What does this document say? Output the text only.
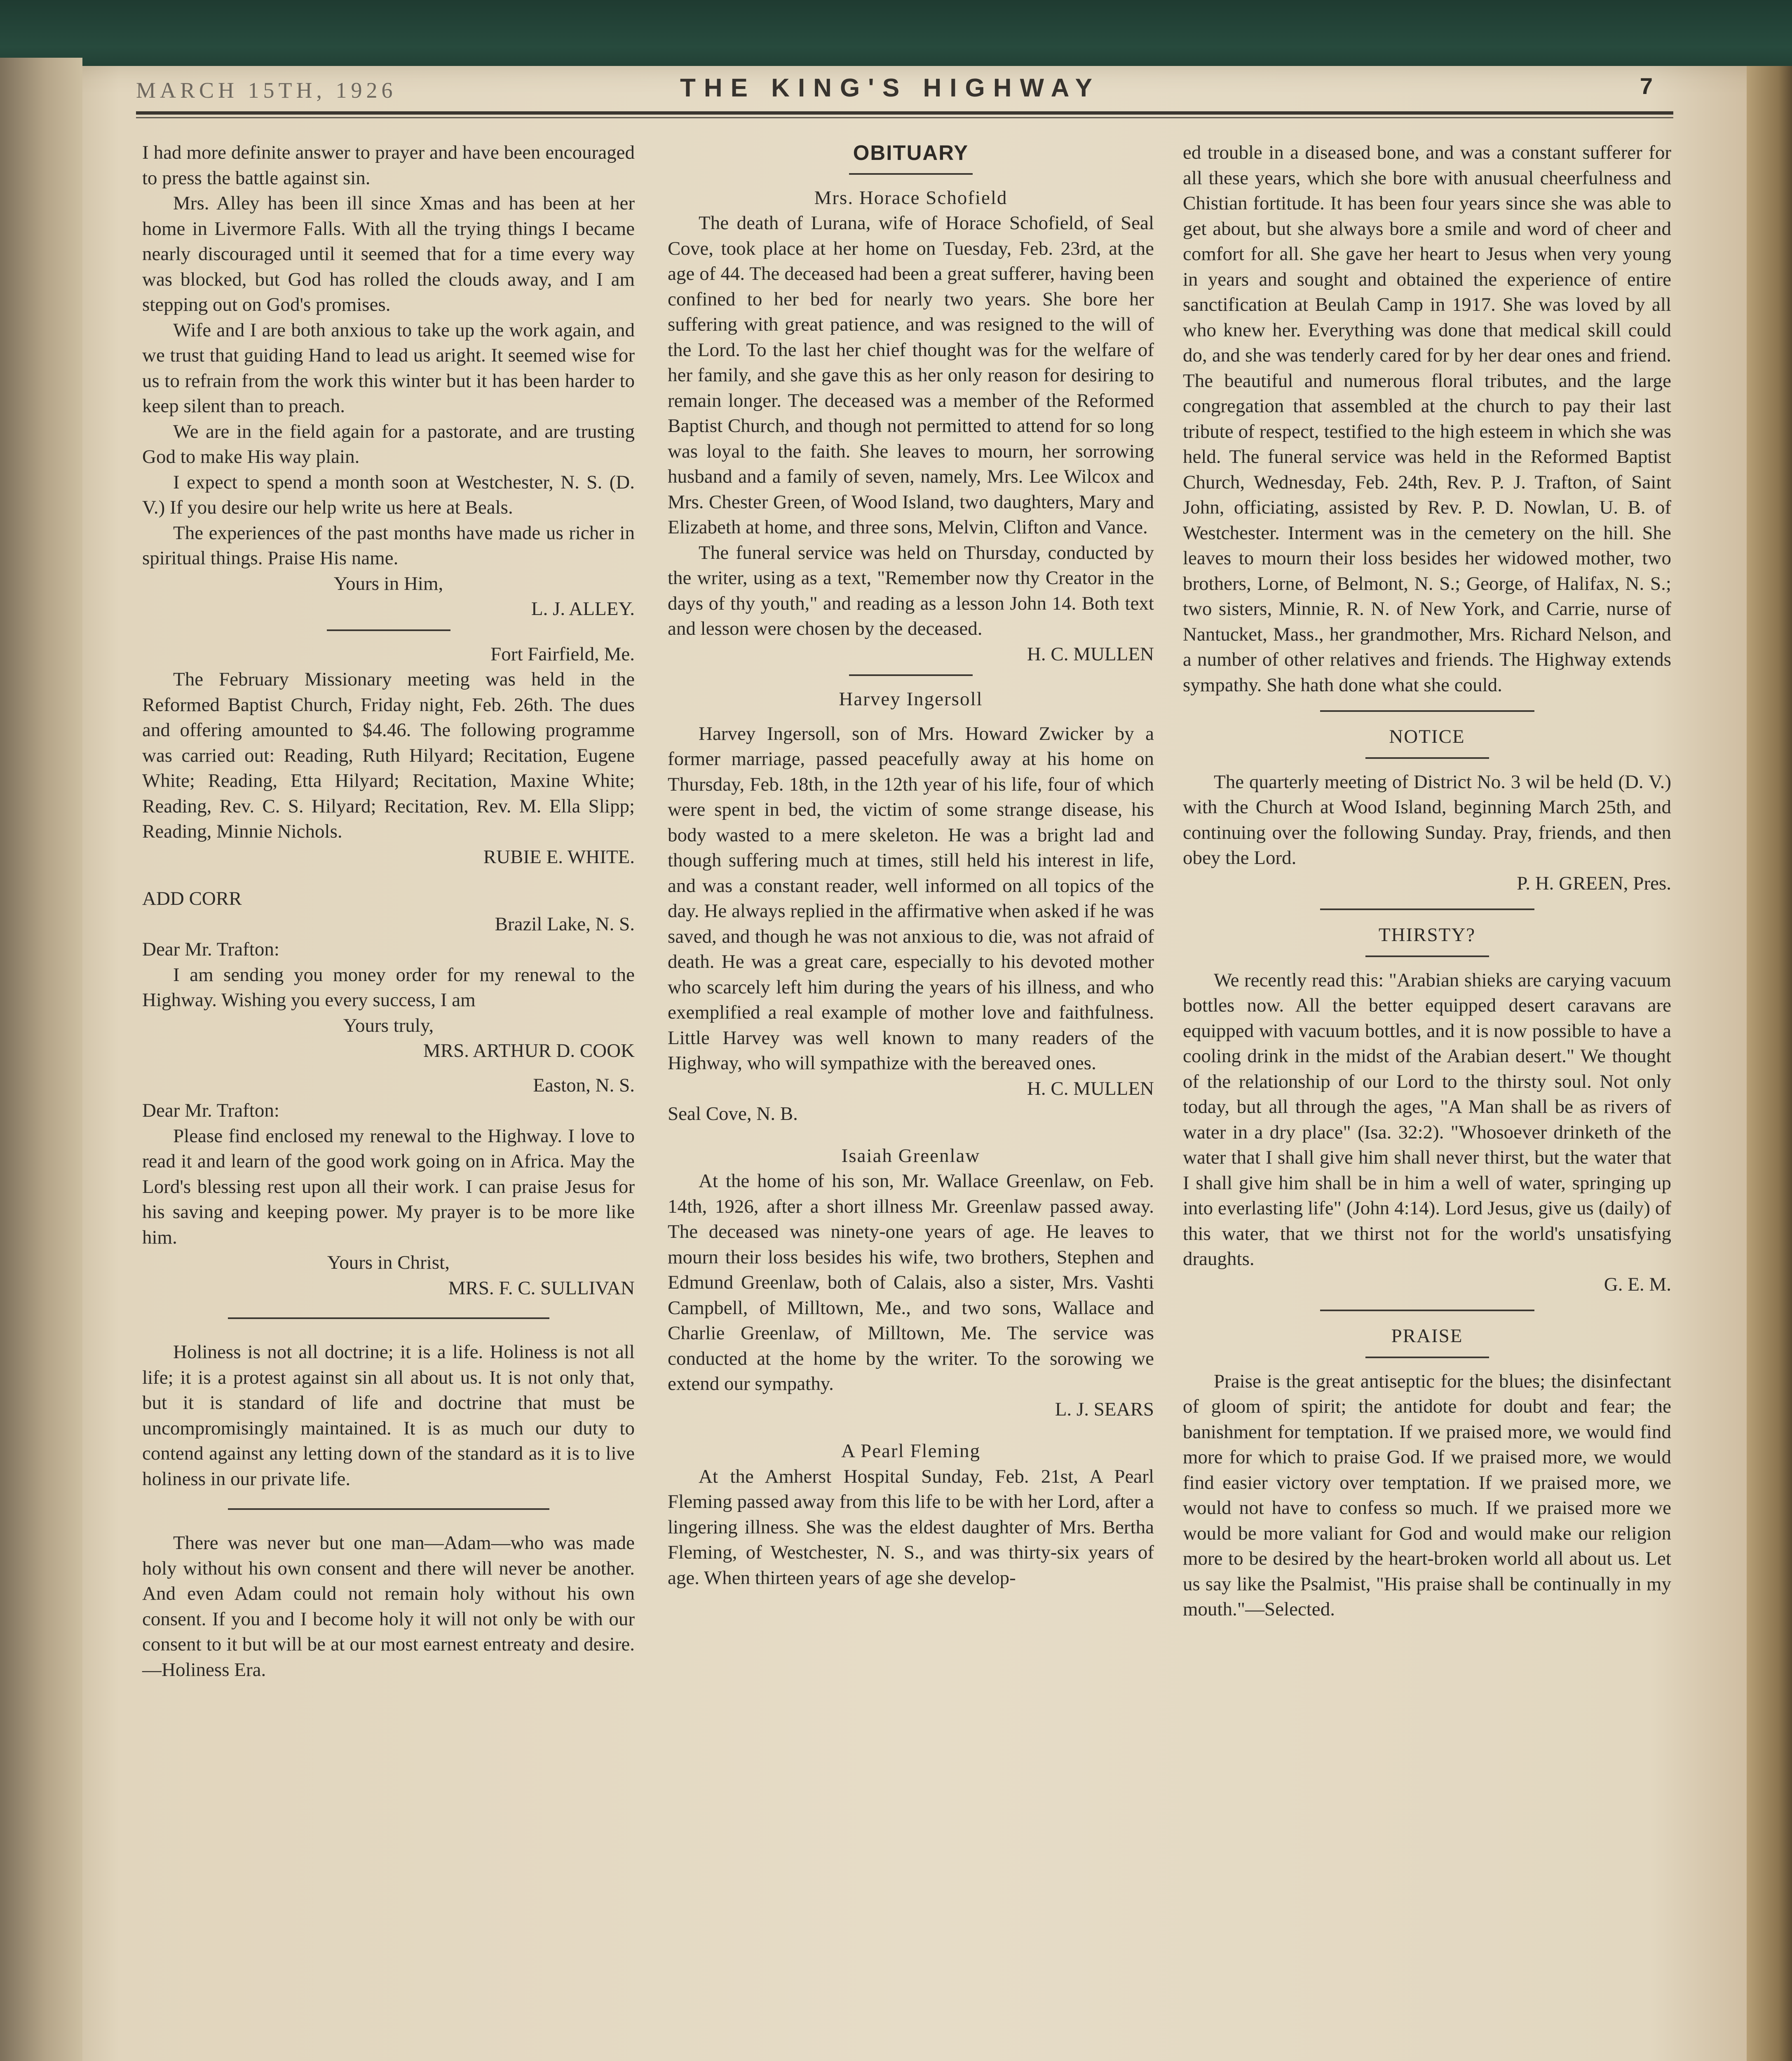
MARCH 15TH, 1926	THE KING'S HIGHWAY	7

I had more definite answer to prayer and have been encouraged to press the battle against sin.

Mrs. Alley has been ill since Xmas and has been at her home in Livermore Falls. With all the trying things I became nearly discouraged until it seemed that for a time every way was blocked, but God has rolled the clouds away, and I am stepping out on God's promises.

Wife and I are both anxious to take up the work again, and we trust that guiding Hand to lead us aright. It seemed wise for us to refrain from the work this winter but it has been harder to keep silent than to preach.

We are in the field again for a pastorate, and are trusting God to make His way plain.

I expect to spend a month soon at Westchester, N. S. (D. V.) If you desire our help write us here at Beals.

The experiences of the past months have made us richer in spiritual things. Praise His name.

Yours in Him,

L. J. ALLEY.

Fort Fairfield, Me.

The February Missionary meeting was held in the Reformed Baptist Church, Friday night, Feb. 26th. The dues and offering amounted to $4.46. The following programme was carried out: Reading, Ruth Hilyard; Recitation, Eugene White; Reading, Etta Hilyard; Recitation, Maxine White; Reading, Rev. C. S. Hilyard; Recitation, Rev. M. Ella Slipp; Reading, Minnie Nichols.

RUBIE E. WHITE.

ADD CORR

Brazil Lake, N. S.

Dear Mr. Trafton:

I am sending you money order for my renewal to the Highway. Wishing you every success, I am

Yours truly,

MRS. ARTHUR D. COOK

Easton, N. S.

Dear Mr. Trafton:

Please find enclosed my renewal to the Highway. I love to read it and learn of the good work going on in Africa. May the Lord's blessing rest upon all their work. I can praise Jesus for his saving and keeping power. My prayer is to be more like him.

Yours in Christ,

MRS. F. C. SULLIVAN

Holiness is not all doctrine; it is a life. Holiness is not all life; it is a protest against sin all about us. It is not only that, but it is standard of life and doctrine that must be uncompromisingly maintained. It is as much our duty to contend against any letting down of the standard as it is to live holiness in our private life.

There was never but one man—Adam—who was made holy without his own consent and there will never be another. And even Adam could not remain holy without his own consent. If you and I become holy it will not only be with our consent to it but will be at our most earnest entreaty and desire.—Holiness Era.

OBITUARY

Mrs. Horace Schofield

The death of Lurana, wife of Horace Schofield, of Seal Cove, took place at her home on Tuesday, Feb. 23rd, at the age of 44. The deceased had been a great sufferer, having been confined to her bed for nearly two years. She bore her suffering with great patience, and was resigned to the will of the Lord. To the last her chief thought was for the welfare of her family, and she gave this as her only reason for desiring to remain longer. The deceased was a member of the Reformed Baptist Church, and though not permitted to attend for so long was loyal to the faith. She leaves to mourn, her sorrowing husband and a family of seven, namely, Mrs. Lee Wilcox and Mrs. Chester Green, of Wood Island, two daughters, Mary and Elizabeth at home, and three sons, Melvin, Clifton and Vance.

The funeral service was held on Thursday, conducted by the writer, using as a text, "Remember now thy Creator in the days of thy youth," and reading as a lesson John 14. Both text and lesson were chosen by the deceased.

H. C. MULLEN

Harvey Ingersoll

Harvey Ingersoll, son of Mrs. Howard Zwicker by a former marriage, passed peacefully away at his home on Thursday, Feb. 18th, in the 12th year of his life, four of which were spent in bed, the victim of some strange disease, his body wasted to a mere skeleton. He was a bright lad and though suffering much at times, still held his interest in life, and was a constant reader, well informed on all topics of the day. He always replied in the affirmative when asked if he was saved, and though he was not anxious to die, was not afraid of death. He was a great care, especially to his devoted mother who scarcely left him during the years of his illness, and who exemplified a real example of mother love and faithfulness. Little Harvey was well known to many readers of the Highway, who will sympathize with the bereaved ones.

H. C. MULLEN

Seal Cove, N. B.

Isaiah Greenlaw

At the home of his son, Mr. Wallace Greenlaw, on Feb. 14th, 1926, after a short illness Mr. Greenlaw passed away. The deceased was ninety-one years of age. He leaves to mourn their loss besides his wife, two brothers, Stephen and Edmund Greenlaw, both of Calais, also a sister, Mrs. Vashti Campbell, of Milltown, Me., and two sons, Wallace and Charlie Greenlaw, of Milltown, Me. The service was conducted at the home by the writer. To the sorowing we extend our sympathy.

L. J. SEARS

A Pearl Fleming

At the Amherst Hospital Sunday, Feb. 21st, A Pearl Fleming passed away from this life to be with her Lord, after a lingering illness. She was the eldest daughter of Mrs. Bertha Fleming, of Westchester, N. S., and was thirty-six years of age. When thirteen years of age she develop-

ed trouble in a diseased bone, and was a constant sufferer for all these years, which she bore with anusual cheerfulness and Chistian fortitude. It has been four years since she was able to get about, but she always bore a smile and word of cheer and comfort for all. She gave her heart to Jesus when very young in years and sought and obtained the experience of entire sanctification at Beulah Camp in 1917. She was loved by all who knew her. Everything was done that medical skill could do, and she was tenderly cared for by her dear ones and friend. The beautiful and numerous floral tributes, and the large congregation that assembled at the church to pay their last tribute of respect, testified to the high esteem in which she was held. The funeral service was held in the Reformed Baptist Church, Wednesday, Feb. 24th, Rev. P. J. Trafton, of Saint John, officiating, assisted by Rev. P. D. Nowlan, U. B. of Westchester. Interment was in the cemetery on the hill. She leaves to mourn their loss besides her widowed mother, two brothers, Lorne, of Belmont, N. S.; George, of Halifax, N. S.; two sisters, Minnie, R. N. of New York, and Carrie, nurse of Nantucket, Mass., her grandmother, Mrs. Richard Nelson, and a number of other relatives and friends. The Highway extends sympathy. She hath done what she could.

NOTICE

The quarterly meeting of District No. 3 wil be held (D. V.) with the Church at Wood Island, beginning March 25th, and continuing over the following Sunday. Pray, friends, and then obey the Lord.

P. H. GREEN, Pres.

THIRSTY?

We recently read this: "Arabian shieks are carying vacuum bottles now. All the better equipped desert caravans are equipped with vacuum bottles, and it is now possible to have a cooling drink in the midst of the Arabian desert." We thought of the relationship of our Lord to the thirsty soul. Not only today, but all through the ages, "A Man shall be as rivers of water in a dry place" (Isa. 32:2). "Whosoever drinketh of the water that I shall give him shall never thirst, but the water that I shall give him shall be in him a well of water, springing up into everlasting life" (John 4:14). Lord Jesus, give us (daily) of this water, that we thirst not for the world's unsatisfying draughts.

G. E. M.

PRAISE

Praise is the great antiseptic for the blues; the disinfectant of gloom of spirit; the antidote for doubt and fear; the banishment for temptation. If we praised more, we would find more for which to praise God. If we praised more, we would find easier victory over temptation. If we praised more, we would not have to confess so much. If we praised more we would be more valiant for God and would make our religion more to be desired by the heart-broken world all about us. Let us say like the Psalmist, "His praise shall be continually in my mouth."—Selected.
